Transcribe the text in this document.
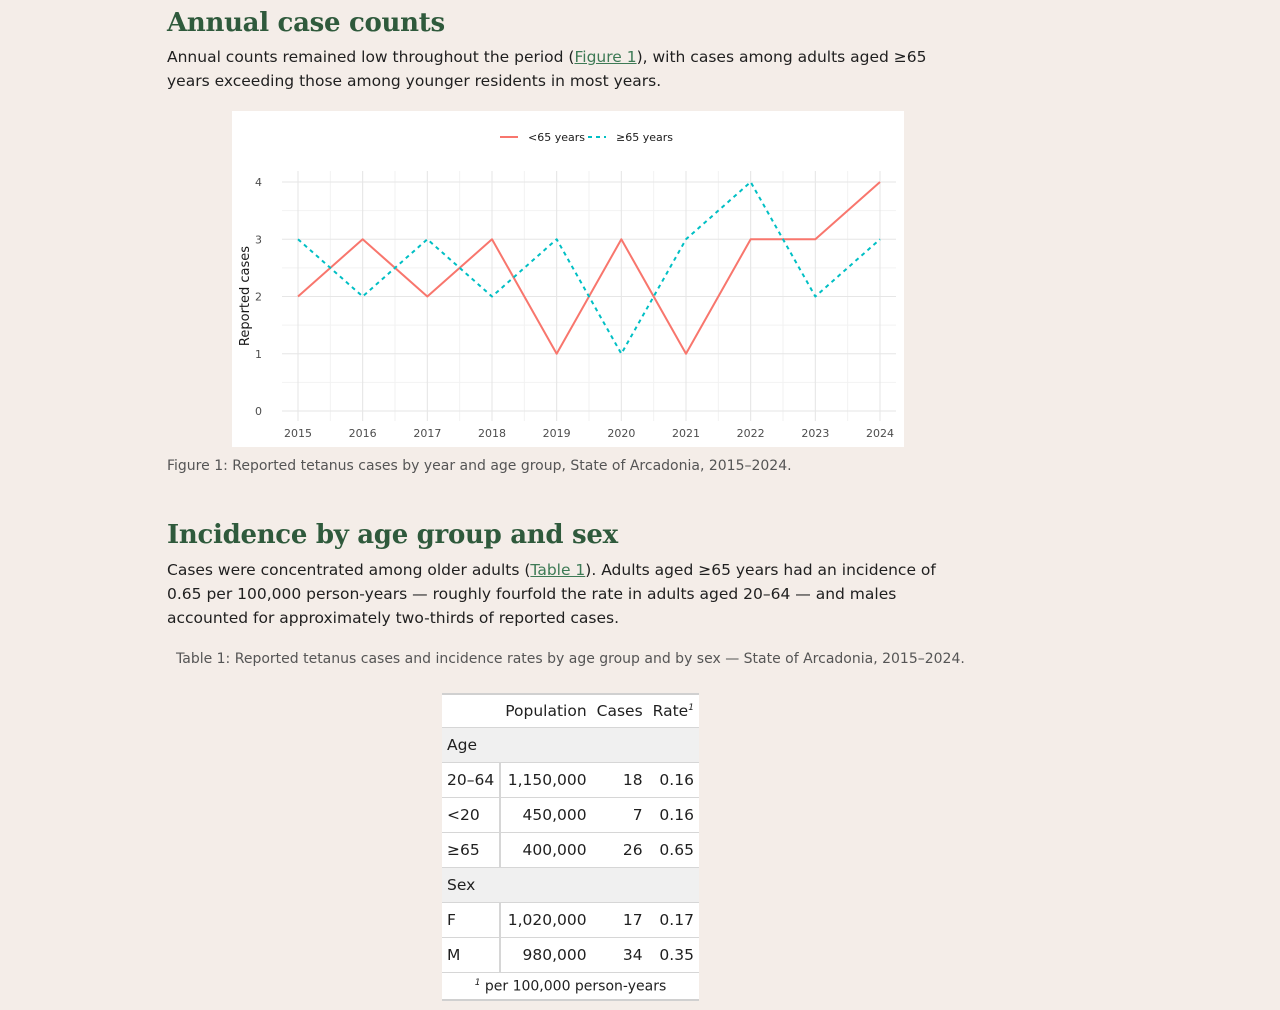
Annual case counts

Annual counts remained low throughout the period (Figure 1), with cases among adults aged ≥65 years exceeding those among younger residents in most years.

Incidence by age group and sex

Cases were concentrated among older adults (Table 1). Adults aged ≥65 years had an incidence of 0.65 per 100,000 person-years — roughly fourfold the rate in adults aged 20–64 — and males accounted for approximately two-thirds of reported cases.

2015	2016	2017	2018	2019	2020	2021	2022	2023	2024
0
1
2
3
4
Reported cases
<65 years	≥65 years

Figure 1: Reported tetanus cases by year and age group, State of Arcadonia, 2015–2024.

Table 1: Reported tetanus cases and incidence rates by age group and by sex — State of Arcadonia, 2015–2024.

	Population	Cases	Rate$^1$
Age			
20–64	1,150,000	18	0.16
<20	450,000	7	0.16
≥65	400,000	26	0.65
Sex			
F	1,020,000	17	0.17
M	980,000	34	0.35
$^1$ per 100,000 person-years			
